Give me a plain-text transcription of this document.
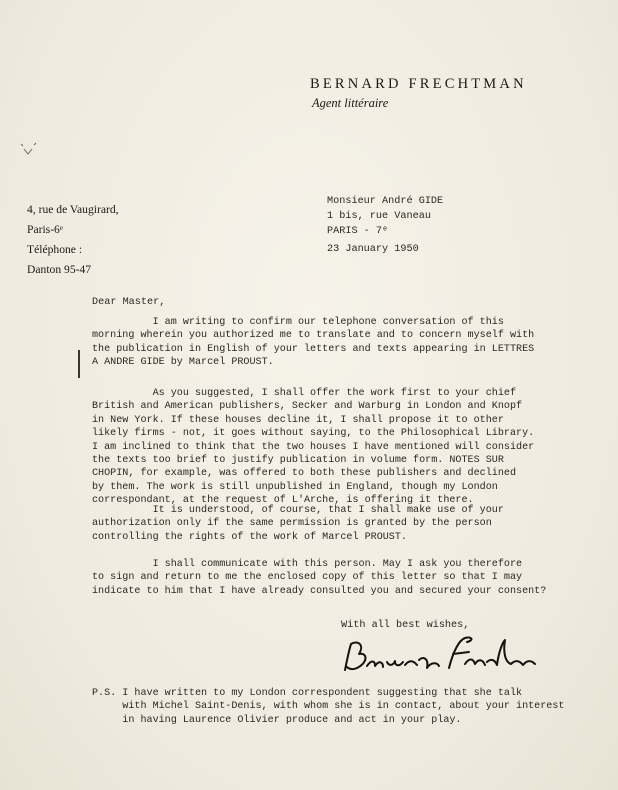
BERNARD FRECHTMAN
Agent littéraire
4, rue de Vaugirard,
Paris-6ᵉ
Téléphone :
Danton 95-47
Monsieur André GIDE
1 bis, rue Vaneau
PARIS - 7ᵉ
23 January 1950
Dear Master,
I am writing to confirm our telephone conversation of this
morning wherein you authorized me to translate and to concern myself with
the publication in English of your letters and texts appearing in LETTRES
A ANDRE GIDE by Marcel PROUST.
As you suggested, I shall offer the work first to your chief
British and American publishers, Secker and Warburg in London and Knopf
in New York. If these houses decline it, I shall propose it to other
likely firms - not, it goes without saying, to the Philosophical Library.
I am inclined to think that the two houses I have mentioned will consider
the texts too brief to justify publication in volume form. NOTES SUR
CHOPIN, for example, was offered to both these publishers and declined
by them. The work is still unpublished in England, though my London
correspondant, at the request of L'Arche, is offering it there.
It is understood, of course, that I shall make use of your
authorization only if the same permission is granted by the person
controlling the rights of the work of Marcel PROUST.
I shall communicate with this person. May I ask you therefore
to sign and return to me the enclosed copy of this letter so that I may
indicate to him that I have already consulted you and secured your consent?
With all best wishes,
P.S. I have written to my London correspondent suggesting that she talk
with Michel Saint-Denis, with whom she is in contact, about your interest
in having Laurence Olivier produce and act in your play.
